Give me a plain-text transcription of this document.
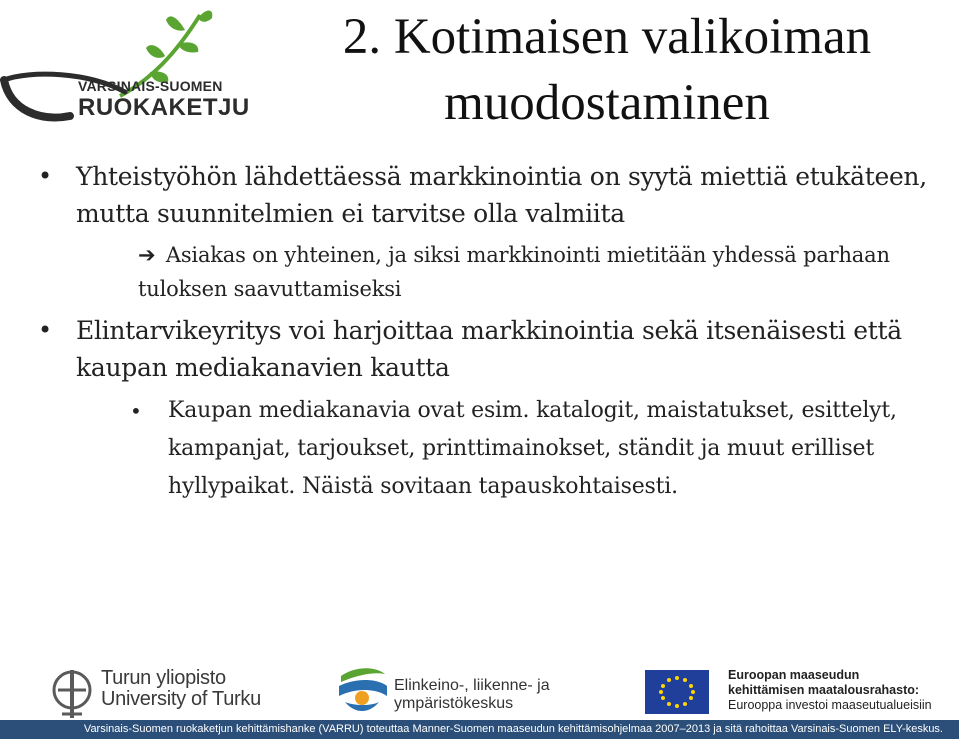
VARSINAIS-SUOMEN
RUOKAKETJU
2. Kotimaisen valikoiman
muodostaminen
• Yhteistyöhön lähdettäessä markkinointia on syytä miettiä etukäteen, mutta suunnitelmien ei tarvitse olla valmiita
➔ Asiakas on yhteinen, ja siksi markkinointi mietitään yhdessä parhaan tuloksen saavuttamiseksi
• Elintarvikeyritys voi harjoittaa markkinointia sekä itsenäisesti että kaupan mediakanavien kautta
• Kaupan mediakanavia ovat esim. katalogit, maistatukset, esittelyt, kampanjat, tarjoukset, printtimainokset, ständit ja muut erilliset hyllypaikat. Näistä sovitaan tapauskohtaisesti.
Turun yliopisto
University of Turku
Elinkeino-, liikenne- ja
ympäristökeskus
Euroopan maaseudun
kehittämisen maatalousrahasto:
Eurooppa investoi maaseutualueisiin
Varsinais-Suomen ruokaketjun kehittämishanke (VARRU) toteuttaa Manner-Suomen maaseudun kehittämisohjelmaa 2007–2013 ja sitä rahoittaa Varsinais-Suomen ELY-keskus.
